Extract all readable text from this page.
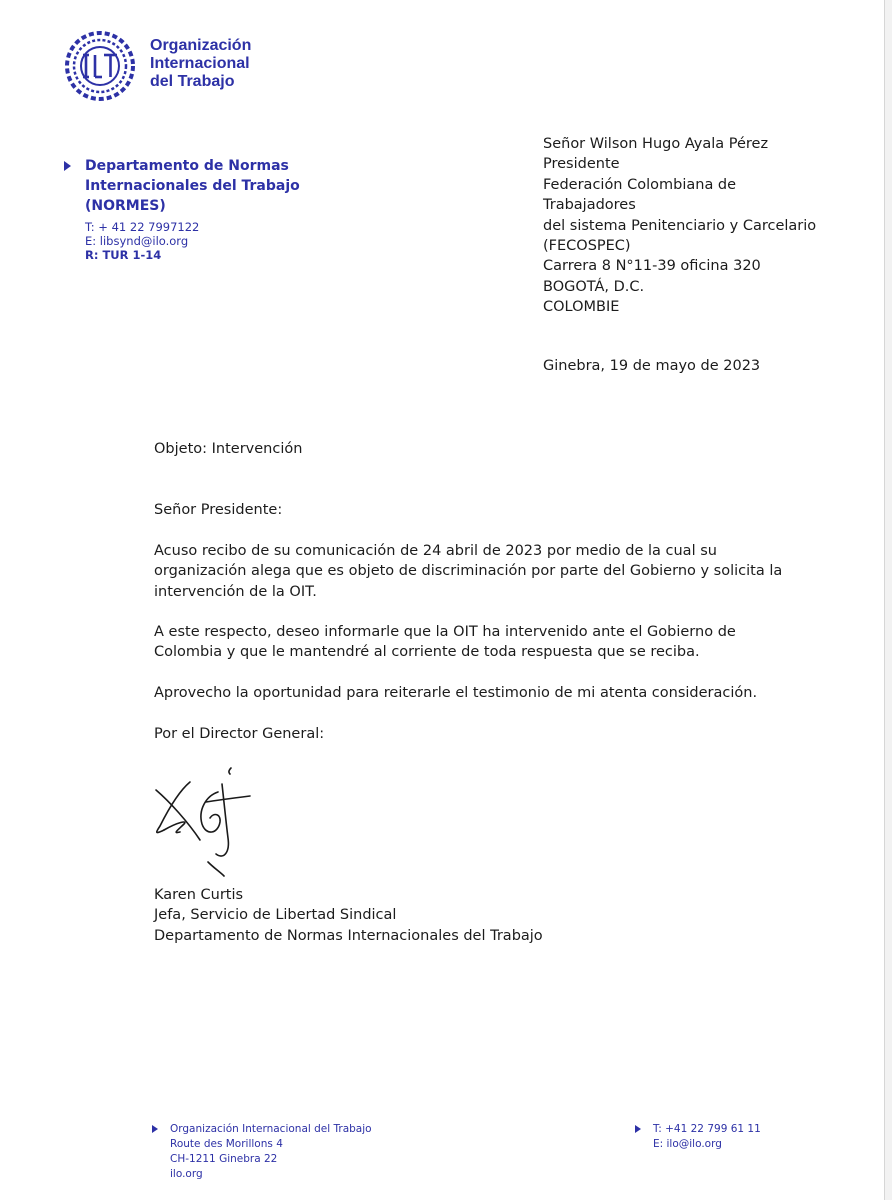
Organización
Internacional
del Trabajo
Departamento de Normas
Internacionales del Trabajo (NORMES)
T: + 41 22 7997122
E: libsynd@ilo.org
R: TUR 1-14
Señor Wilson Hugo Ayala Pérez
Presidente
Federación Colombiana de
Trabajadores
del sistema Penitenciario y Carcelario
(FECOSPEC)
Carrera 8 N°11-39 oficina 320
BOGOTÁ, D.C.
COLOMBIE
Ginebra, 19 de mayo de 2023
Objeto: Intervención
Señor Presidente:
Acuso recibo de su comunicación de 24 abril de 2023 por medio de la cual su organización alega que es objeto de discriminación por parte del Gobierno y solicita la intervención de la OIT.
A este respecto, deseo informarle que la OIT ha intervenido ante el Gobierno de Colombia y que le mantendré al corriente de toda respuesta que se reciba.
Aprovecho la oportunidad para reiterarle el testimonio de mi atenta consideración.
Por el Director General:
Karen Curtis
Jefa, Servicio de Libertad Sindical
Departamento de Normas Internacionales del Trabajo
Organización Internacional del Trabajo
Route des Morillons 4
CH-1211 Ginebra 22
ilo.org
T: +41 22 799 61 11
E: ilo@ilo.org
